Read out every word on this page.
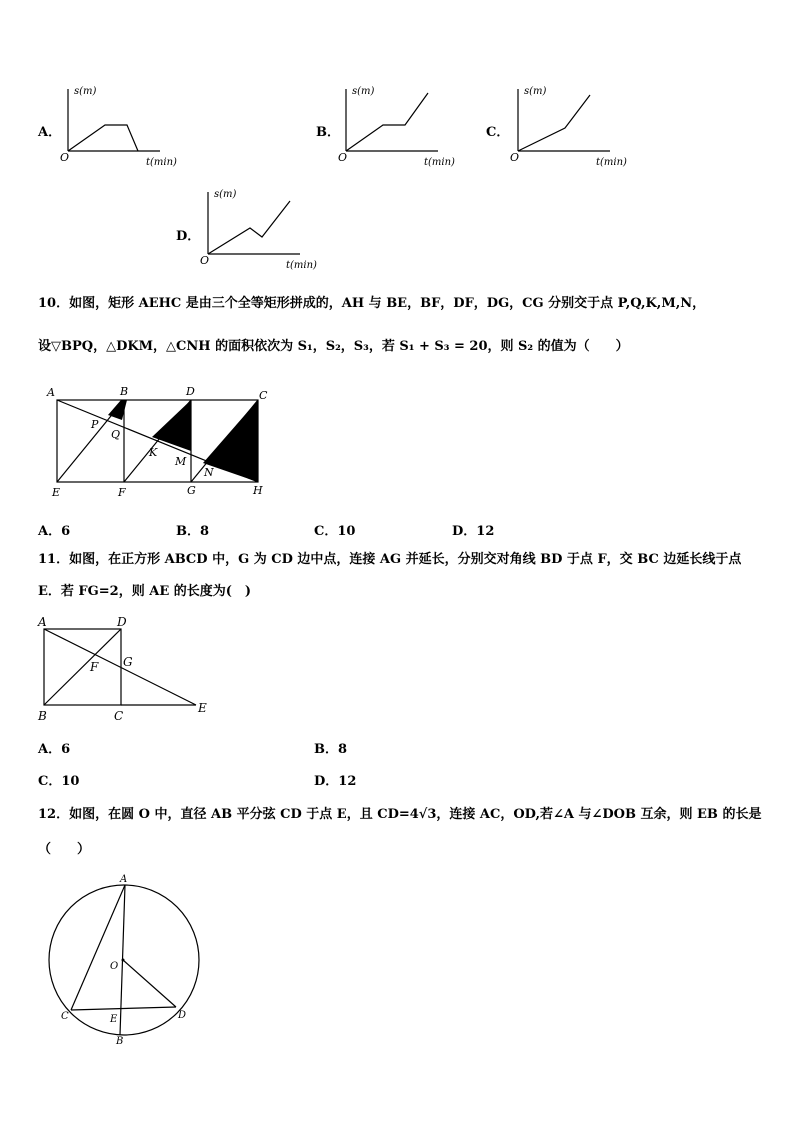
A．
s(m)
t(min)
O
B．
s(m)
t(min)
O
C．
s(m)
t(min)
O
D．
s(m)
t(min)
O
10．如图，矩形 AEHC 是由三个全等矩形拼成的，AH 与 BE，BF，DF，DG，CG 分别交于点 P,Q,K,M,N，
设▽BPQ，△DKM，△CNH 的面积依次为 S₁，S₂，S₃，若 S₁ + S₃ = 20，则 S₂ 的值为（　　）
A	B	D	C
P
Q
K
M
N
E	F	G	H
A．6	B．8	C．10	D．12
11．如图，在正方形 ABCD 中，G 为 CD 边中点，连接 AG 并延长，分别交对角线 BD 于点 F，交 BC 边延长线于点
E．若 FG=2，则 AE 的长度为(　)
A	D
F G
B	C
E
A．6	B．8
C．10	D．12
12．如图，在圆 O 中，直径 AB 平分弦 CD 于点 E，且 CD=4√3，连接 AC，OD,若∠A 与∠DOB 互余，则 EB 的长是
（　　）
A
O
C	E	D
B
